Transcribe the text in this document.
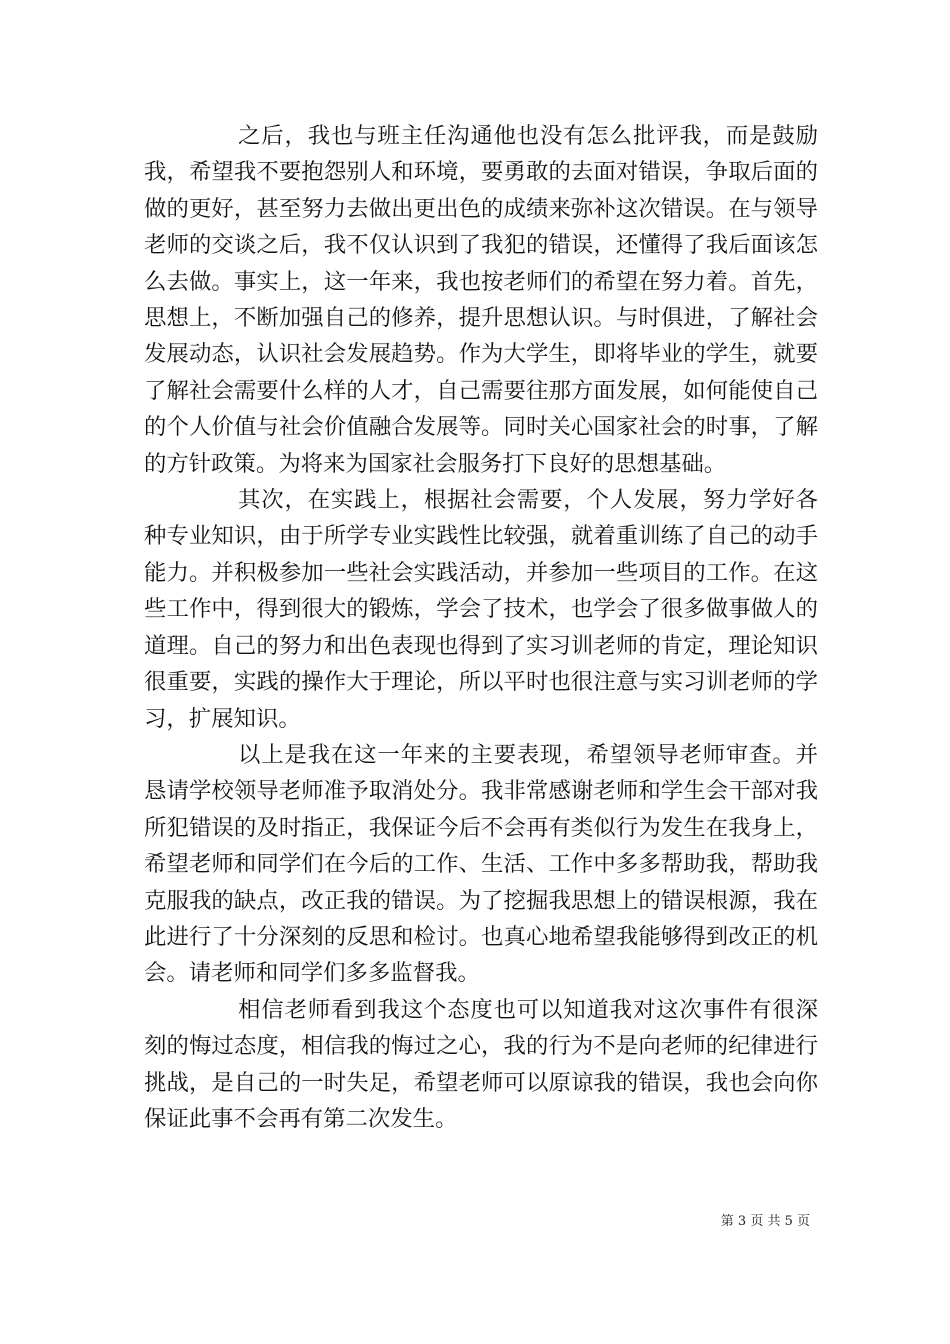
之后，我也与班主任沟通他也没有怎么批评我，而是鼓励我，希望我不要抱怨别人和环境，要勇敢的去面对错误，争取后面的做的更好，甚至努力去做出更出色的成绩来弥补这次错误。在与领导老师的交谈之后，我不仅认识到了我犯的错误，还懂得了我后面该怎么去做。事实上，这一年来，我也按老师们的希望在努力着。首先，思想上，不断加强自己的修养，提升思想认识。与时俱进，了解社会发展动态，认识社会发展趋势。作为大学生，即将毕业的学生，就要了解社会需要什么样的人才，自己需要往那方面发展，如何能使自己的个人价值与社会价值融合发展等。同时关心国家社会的时事，了解的方针政策。为将来为国家社会服务打下良好的思想基础。

其次，在实践上，根据社会需要，个人发展，努力学好各种专业知识，由于所学专业实践性比较强，就着重训练了自己的动手能力。并积极参加一些社会实践活动，并参加一些项目的工作。在这些工作中，得到很大的锻炼，学会了技术，也学会了很多做事做人的道理。自己的努力和出色表现也得到了实习训老师的肯定，理论知识很重要，实践的操作大于理论，所以平时也很注意与实习训老师的学习，扩展知识。

以上是我在这一年来的主要表现，希望领导老师审查。并恳请学校领导老师准予取消处分。我非常感谢老师和学生会干部对我所犯错误的及时指正，我保证今后不会再有类似行为发生在我身上，希望老师和同学们在今后的工作、生活、工作中多多帮助我，帮助我克服我的缺点，改正我的错误。为了挖掘我思想上的错误根源，我在此进行了十分深刻的反思和检讨。也真心地希望我能够得到改正的机会。请老师和同学们多多监督我。

相信老师看到我这个态度也可以知道我对这次事件有很深刻的悔过态度，相信我的悔过之心，我的行为不是向老师的纪律进行挑战，是自己的一时失足，希望老师可以原谅我的错误，我也会向你保证此事不会再有第二次发生。

第 3 页 共 5 页
